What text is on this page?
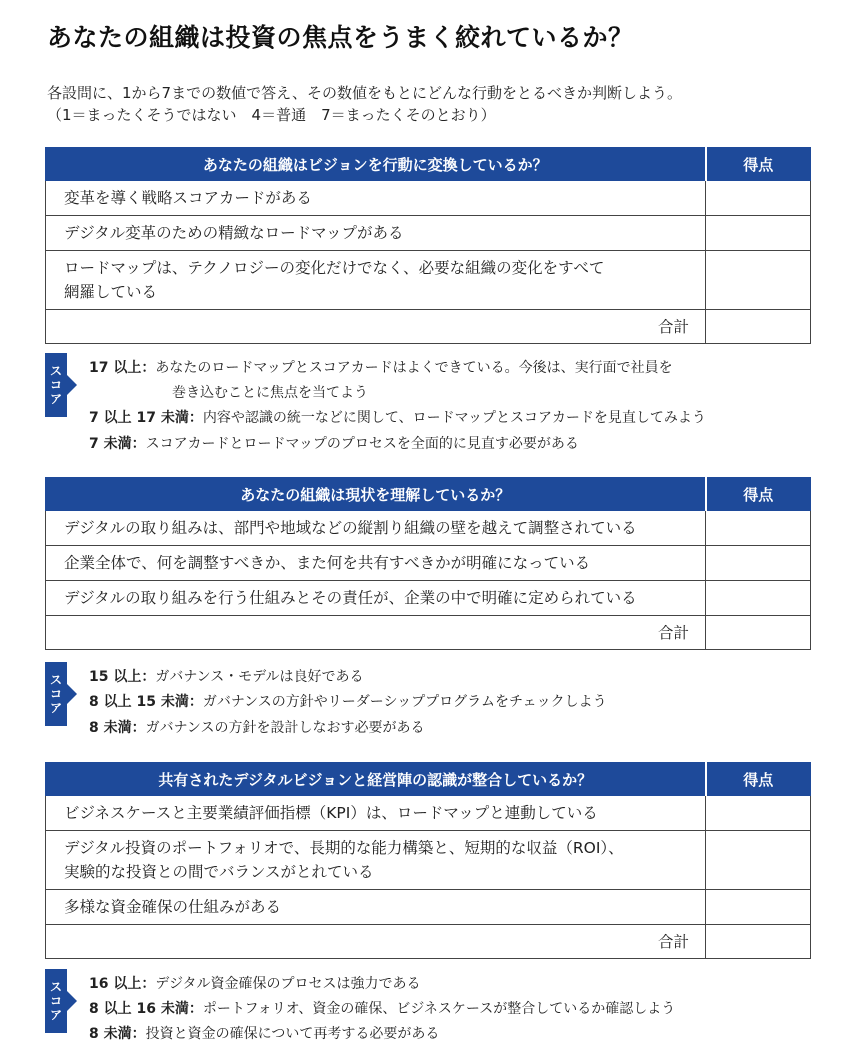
あなたの組織は投資の焦点をうまく絞れているか？
各設問に、1から7までの数値で答え、その数値をもとにどんな行動をとるべきか判断しよう。
（1＝まったくそうではない　4＝普通　7＝まったくそのとおり）
あなたの組織はビジョンを行動に変換しているか？	得点
変革を導く戦略スコアカードがある	
デジタル変革のための精緻なロードマップがある	

ロードマップは、テクノロジーの変化だけでなく、必要な組織の変化をすべて
網羅している	

合計	
ス
コ
ア
17 以上：あなたのロードマップとスコアカードはよくできている。今後は、実行面で社員を
巻き込むことに焦点を当てよう
7 以上 17 未満：内容や認識の統一などに関して、ロードマップとスコアカードを見直してみよう
7 未満：スコアカードとロードマップのプロセスを全面的に見直す必要がある
あなたの組織は現状を理解しているか？	得点
デジタルの取り組みは、部門や地域などの縦割り組織の壁を越えて調整されている	
企業全体で、何を調整すべきか、また何を共有すべきかが明確になっている	
デジタルの取り組みを行う仕組みとその責任が、企業の中で明確に定められている	
合計	
ス
コ
ア
15 以上：ガバナンス・モデルは良好である
8 以上 15 未満：ガバナンスの方針やリーダーシッププログラムをチェックしよう
8 未満：ガバナンスの方針を設計しなおす必要がある
共有されたデジタルビジョンと経営陣の認識が整合しているか？	得点
ビジネスケースと主要業績評価指標（KPI）は、ロードマップと連動している	

デジタル投資のポートフォリオで、長期的な能力構築と、短期的な収益（ROI）、
実験的な投資との間でバランスがとれている	

多様な資金確保の仕組みがある	
合計	
ス
コ
ア
16 以上：デジタル資金確保のプロセスは強力である
8 以上 16 未満：ポートフォリオ、資金の確保、ビジネスケースが整合しているか確認しよう
8 未満：投資と資金の確保について再考する必要がある
